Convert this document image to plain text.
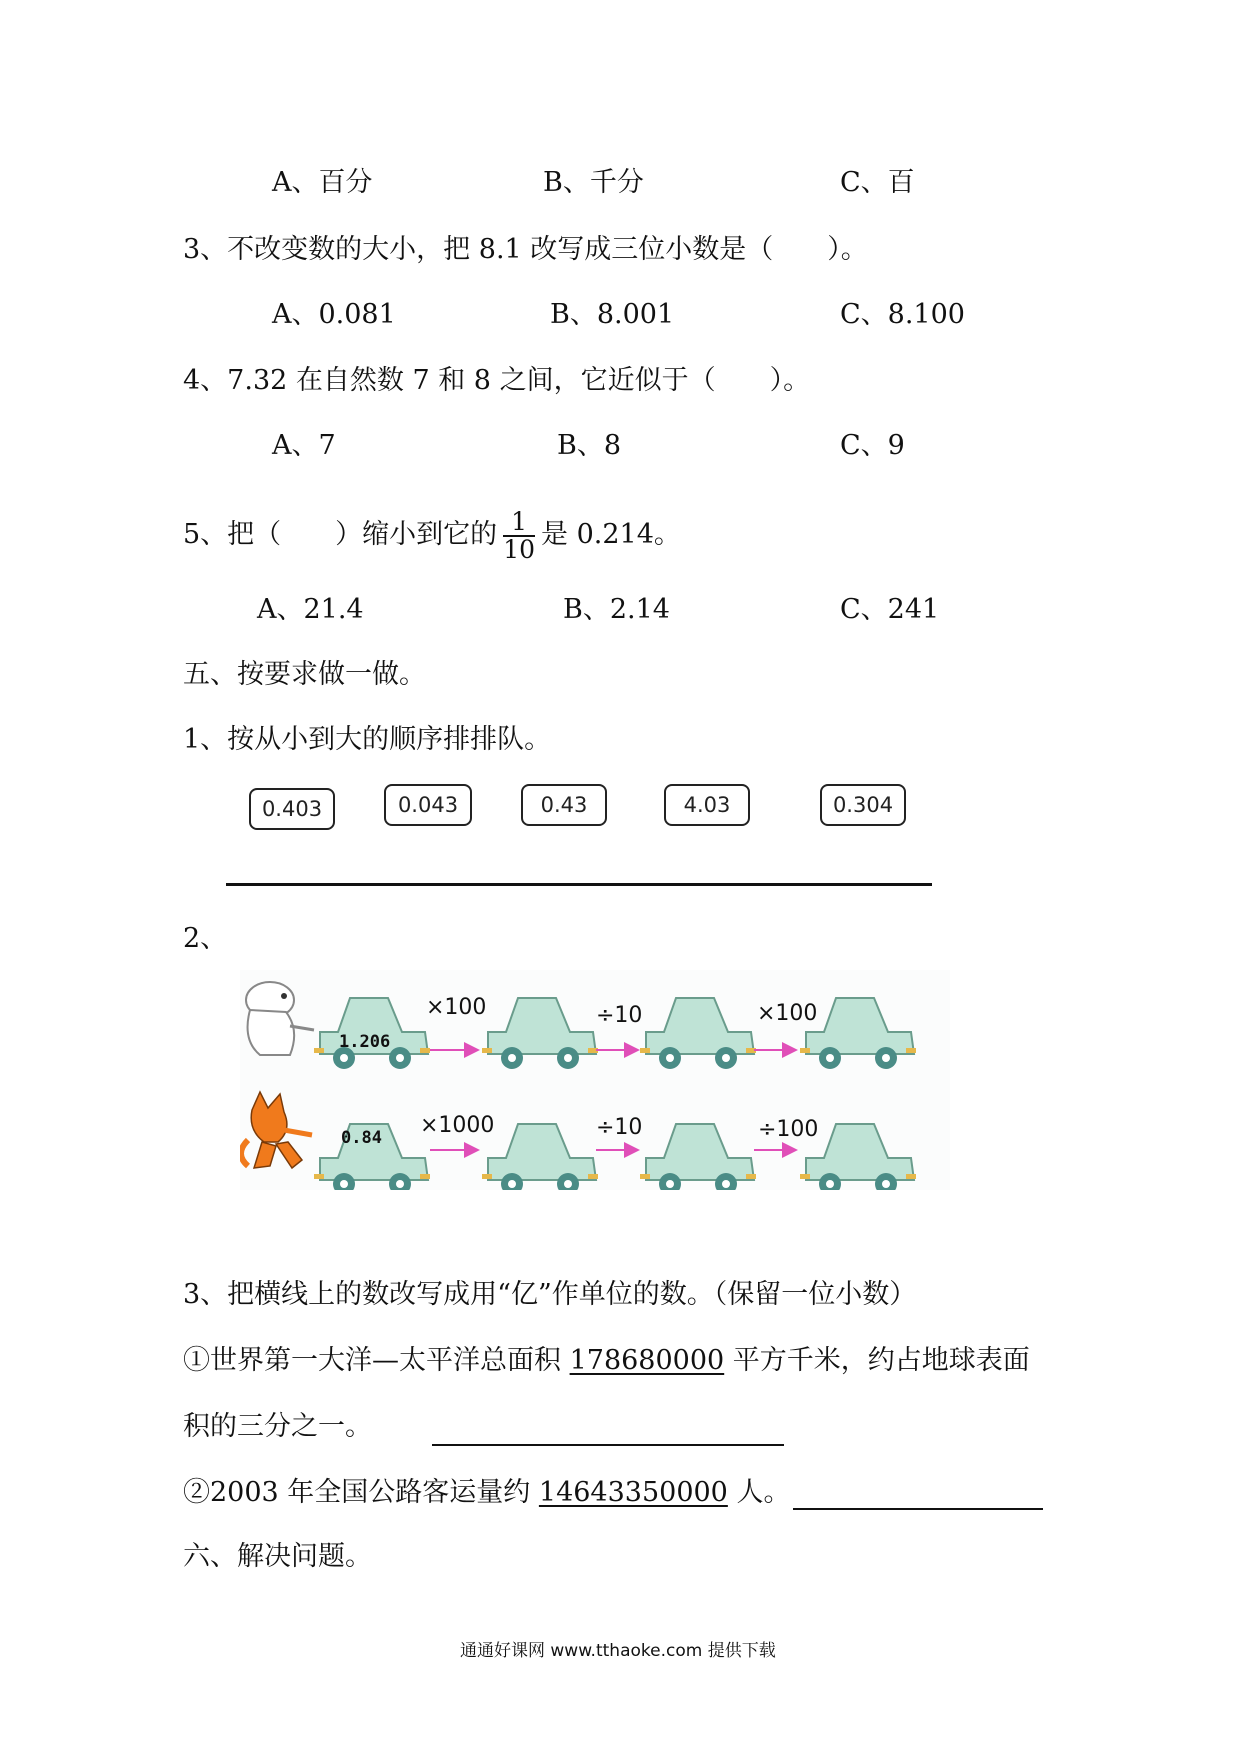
A、百分	B、千分	C、百
3、不改变数的大小，把 8.1 改写成三位小数是（　　）。
A、0.081	B、8.001	C、8.100
4、7.32 在自然数 7 和 8 之间，它近似于（　　）。
A、7	B、8	C、9
5、把（　　）缩小到它的 $\frac{1}{10}$ 是 0.214。
A、21.4	B、2.14	C、241
五、按要求做一做。
1、按从小到大的顺序排排队。
0.403	0.043	0.43	4.03	0.304
2、
1.206
×100	÷10	×100
0.84 ×1000	÷10	÷100
3、把横线上的数改写成用“亿”作单位的数。（保留一位小数）
①世界第一大洋—太平洋总面积 178680000 平方千米，约占地球表面
积的三分之一。
②2003 年全国公路客运量约 14643350000 人。
六、解决问题。
通通好课网 www.tthaoke.com 提供下载
